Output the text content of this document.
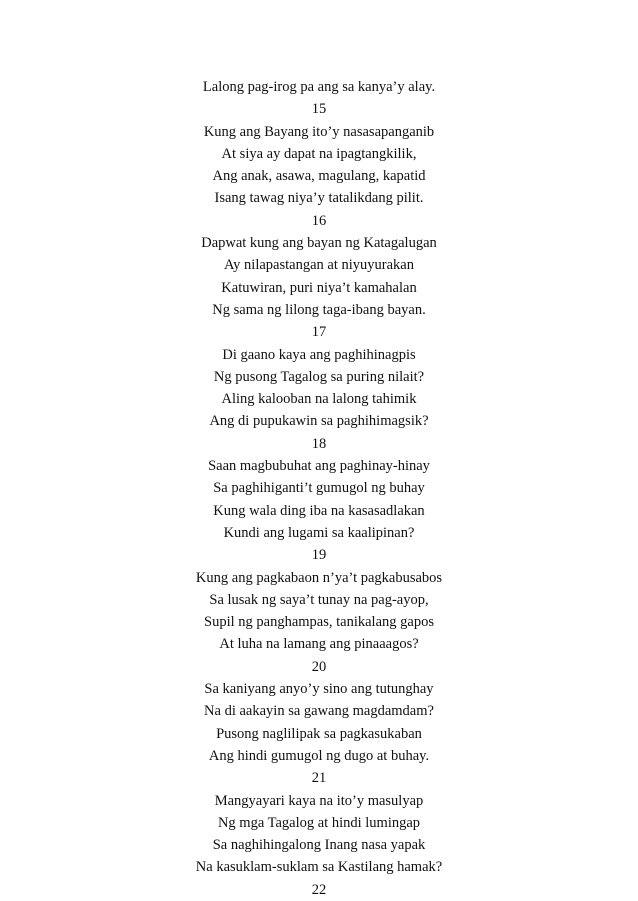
Lalong pag-irog pa ang sa kanya’y alay.
15
Kung ang Bayang ito’y nasasapanganib
At siya ay dapat na ipagtangkilik,
Ang anak, asawa, magulang, kapatid
Isang tawag niya’y tatalikdang pilit.
16
Dapwat kung ang bayan ng Katagalugan
Ay nilapastangan at niyuyurakan
Katuwiran, puri niya’t kamahalan
Ng sama ng lilong taga-ibang bayan.
17
Di gaano kaya ang paghihinagpis
Ng pusong Tagalog sa puring nilait?
Aling kalooban na lalong tahimik
Ang di pupukawin sa paghihimagsik?
18
Saan magbubuhat ang paghinay-hinay
Sa paghihiganti’t gumugol ng buhay
Kung wala ding iba na kasasadlakan
Kundi ang lugami sa kaalipinan?
19
Kung ang pagkabaon n’ya’t pagkabusabos
Sa lusak ng saya’t tunay na pag-ayop,
Supil ng panghampas, tanikalang gapos
At luha na lamang ang pinaaagos?
20
Sa kaniyang anyo’y sino ang tutunghay
Na di aakayin sa gawang magdamdam?
Pusong naglilipak sa pagkasukaban
Ang hindi gumugol ng dugo at buhay.
21
Mangyayari kaya na ito’y masulyap
Ng mga Tagalog at hindi lumingap
Sa naghihingalong Inang nasa yapak
Na kasuklam-suklam sa Kastilang hamak?
22
